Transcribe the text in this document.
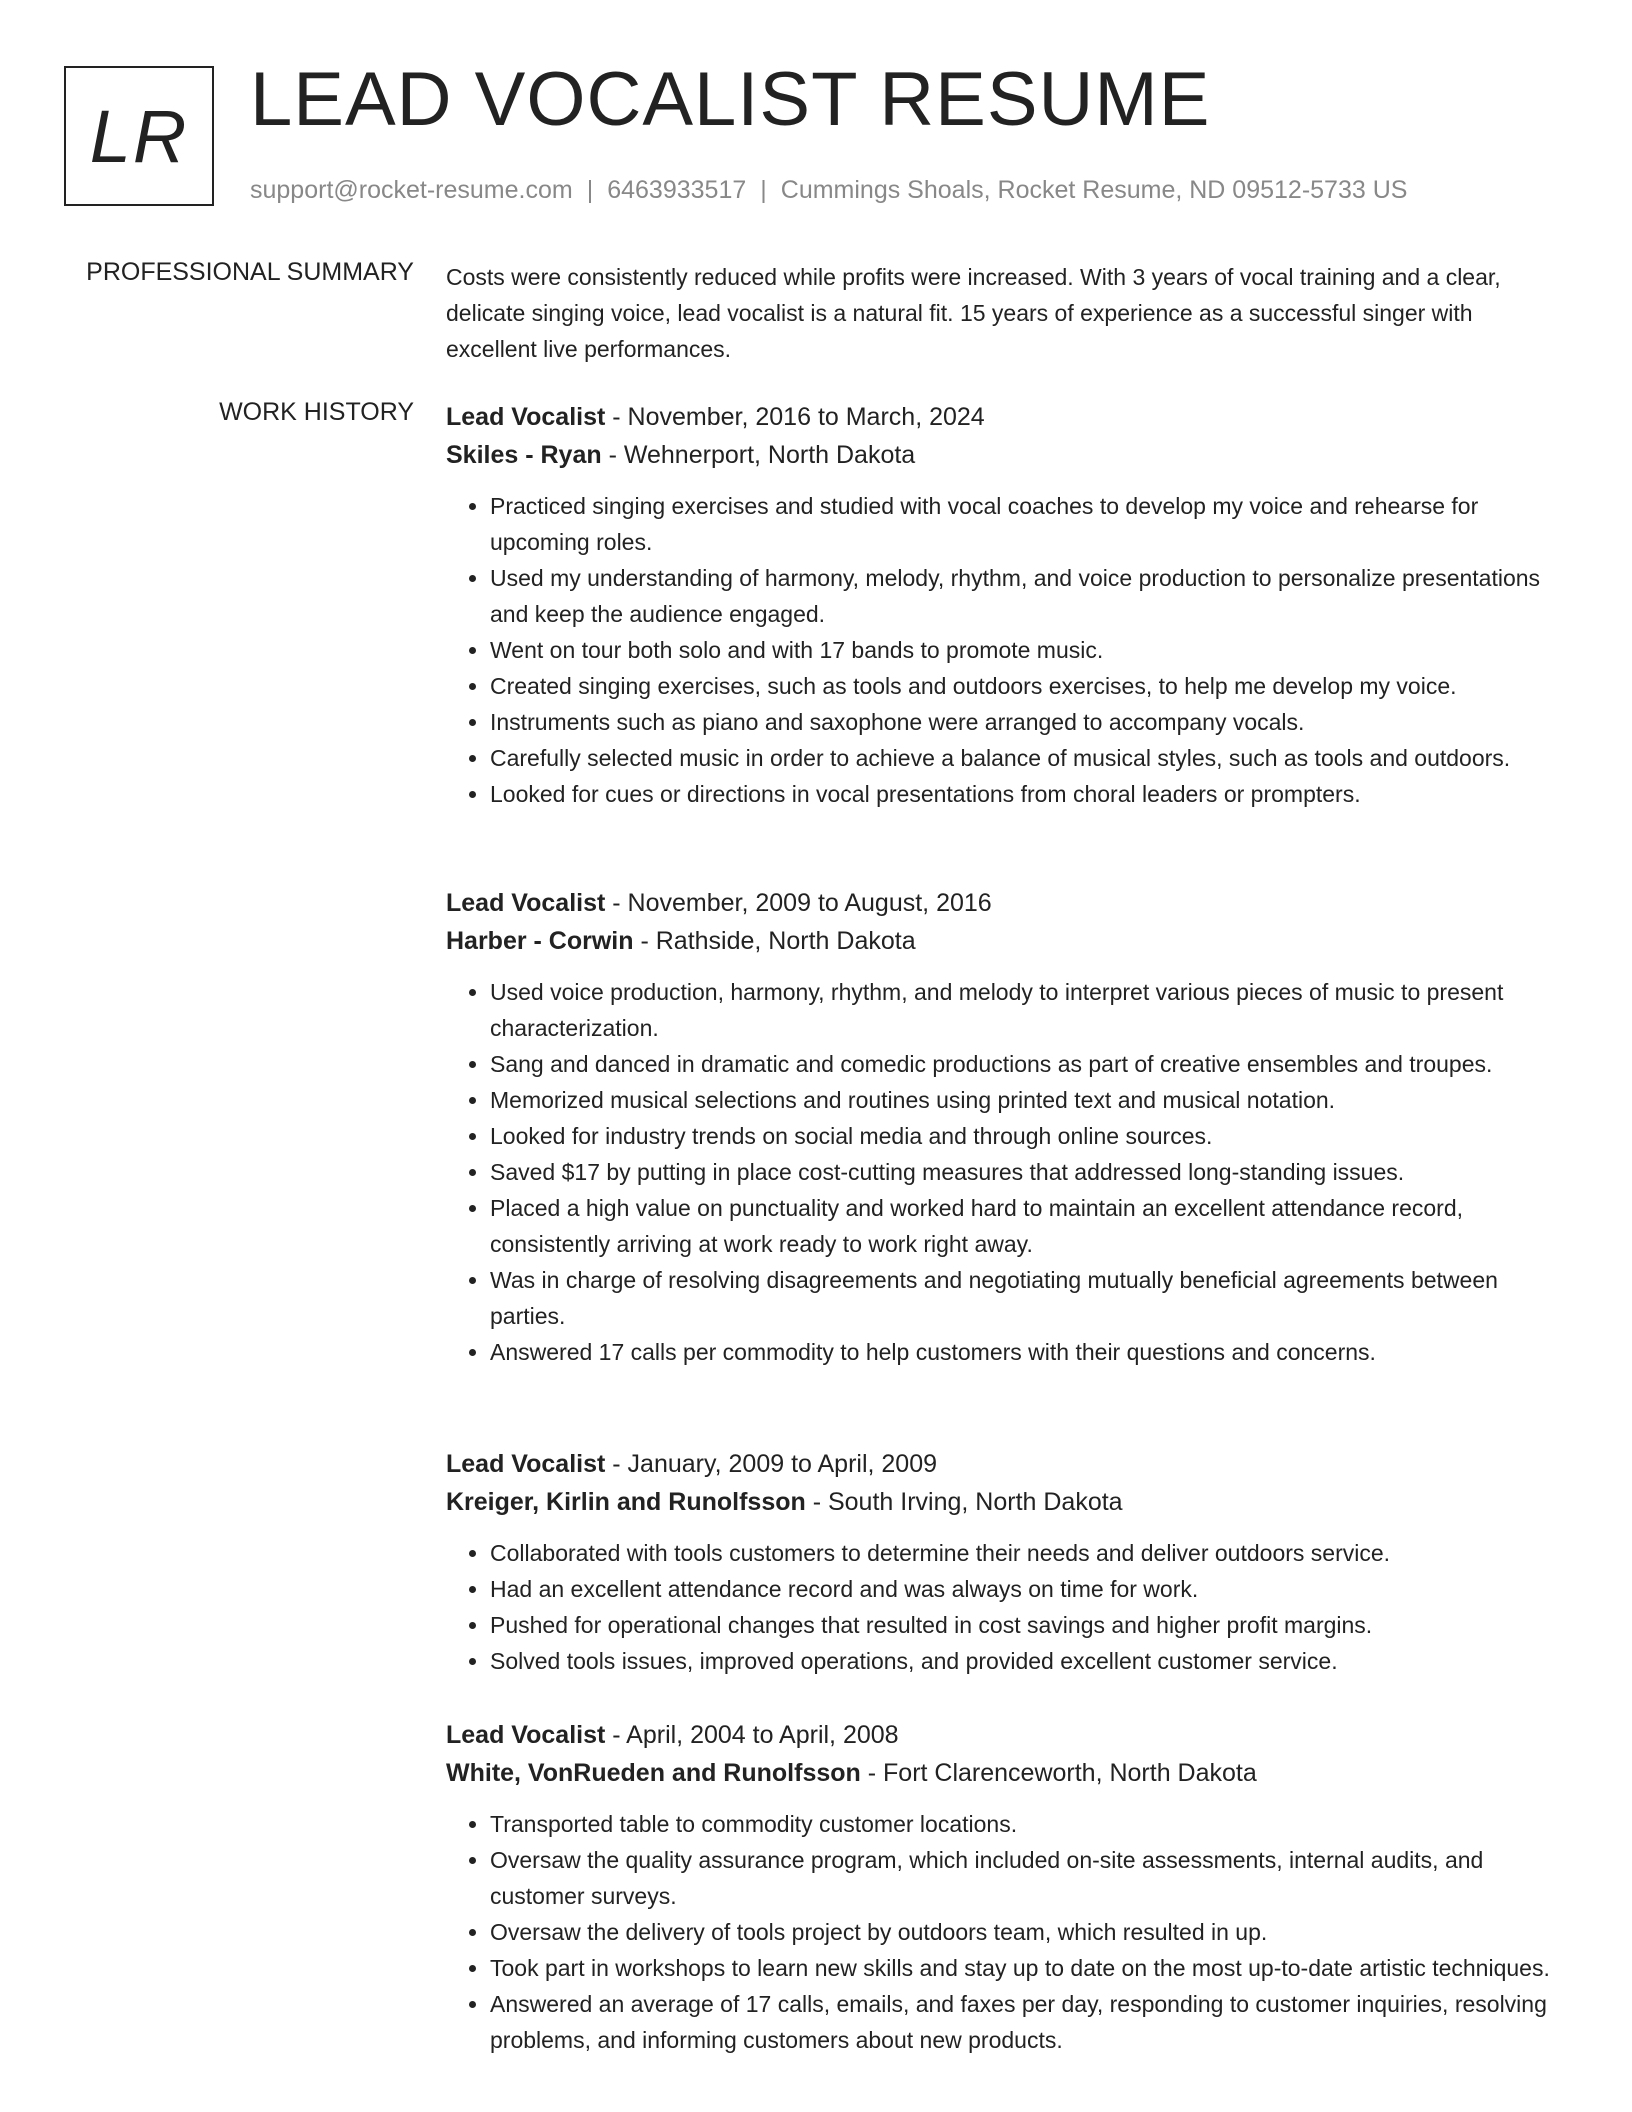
LR LEAD VOCALIST RESUME
support@rocket-resume.com | 6463933517 | Cummings Shoals, Rocket Resume, ND 09512-5733 US
PROFESSIONAL SUMMARY Costs were consistently reduced while profits were increased. With 3 years of vocal training and a clear, delicate singing voice, lead vocalist is a natural fit. 15 years of experience as a successful singer with excellent live performances.

WORK HISTORY Lead Vocalist - November, 2016 to March, 2024
Skiles - Ryan - Wehnerport, North Dakota
• Practiced singing exercises and studied with vocal coaches to develop my voice and rehearse for upcoming roles.
• Used my understanding of harmony, melody, rhythm, and voice production to personalize presentations and keep the audience engaged.
• Went on tour both solo and with 17 bands to promote music.
• Created singing exercises, such as tools and outdoors exercises, to help me develop my voice.
• Instruments such as piano and saxophone were arranged to accompany vocals.
• Carefully selected music in order to achieve a balance of musical styles, such as tools and outdoors.
• Looked for cues or directions in vocal presentations from choral leaders or prompters.
Lead Vocalist - November, 2009 to August, 2016
Harber - Corwin - Rathside, North Dakota
• Used voice production, harmony, rhythm, and melody to interpret various pieces of music to present characterization.
• Sang and danced in dramatic and comedic productions as part of creative ensembles and troupes.
• Memorized musical selections and routines using printed text and musical notation.
• Looked for industry trends on social media and through online sources.
• Saved $17 by putting in place cost-cutting measures that addressed long-standing issues.
• Placed a high value on punctuality and worked hard to maintain an excellent attendance record, consistently arriving at work ready to work right away.
• Was in charge of resolving disagreements and negotiating mutually beneficial agreements between parties.
• Answered 17 calls per commodity to help customers with their questions and concerns.
Lead Vocalist - January, 2009 to April, 2009
Kreiger, Kirlin and Runolfsson - South Irving, North Dakota
• Collaborated with tools customers to determine their needs and deliver outdoors service.
• Had an excellent attendance record and was always on time for work.
• Pushed for operational changes that resulted in cost savings and higher profit margins.
• Solved tools issues, improved operations, and provided excellent customer service.
Lead Vocalist - April, 2004 to April, 2008
White, VonRueden and Runolfsson - Fort Clarenceworth, North Dakota
• Transported table to commodity customer locations.
• Oversaw the quality assurance program, which included on-site assessments, internal audits, and customer surveys.
• Oversaw the delivery of tools project by outdoors team, which resulted in up.
• Took part in workshops to learn new skills and stay up to date on the most up-to-date artistic techniques.
• Answered an average of 17 calls, emails, and faxes per day, responding to customer inquiries, resolving problems, and informing customers about new products.
